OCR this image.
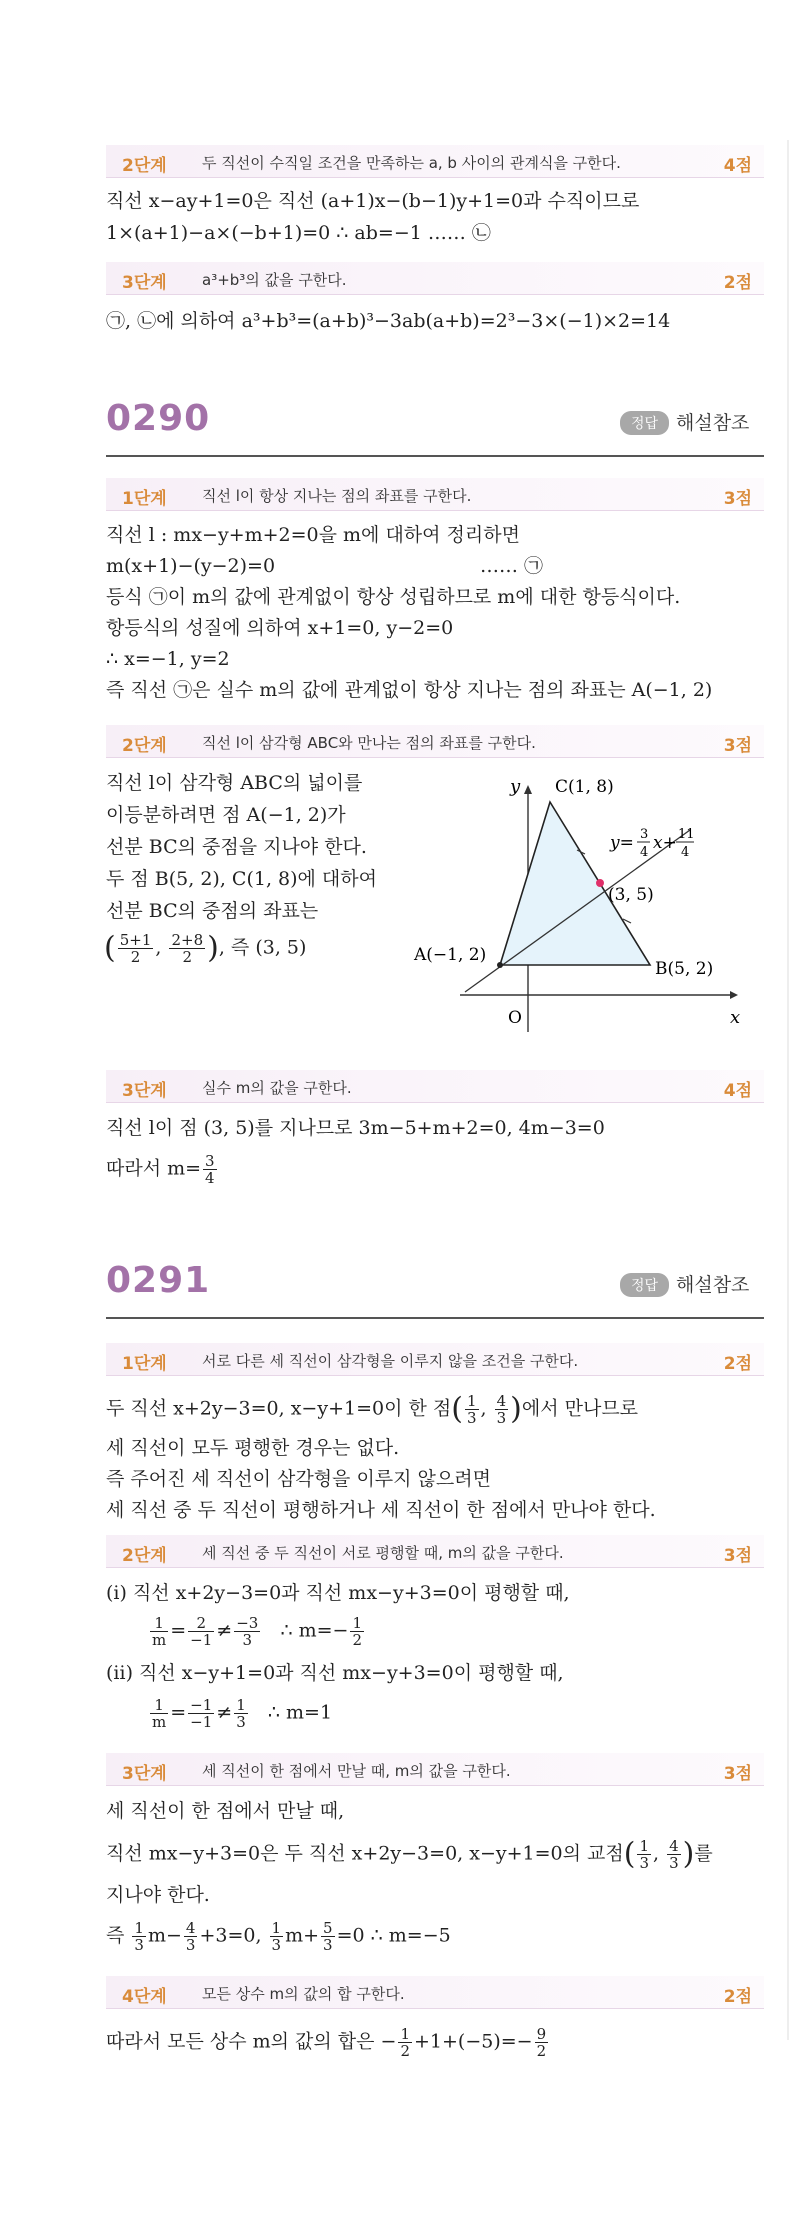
2단계 두 직선이 수직일 조건을 만족하는 a, b 사이의 관계식을 구한다.	4점
직선 x−ay+1=0은 직선 (a+1)x−(b−1)y+1=0과 수직이므로
1×(a+1)−a×(−b+1)=0 ∴ ab=−1 …… ㉡
3단계 a³+b³의 값을 구한다.	2점
㉠, ㉡에 의하여 a³+b³=(a+b)³−3ab(a+b)=2³−3×(−1)×2=14
0290	정답 해설참조
1단계 직선 l이 항상 지나는 점의 좌표를 구한다.	3점
직선 l : mx−y+m+2=0을 m에 대하여 정리하면
m(x+1)−(y−2)=0	…… ㉠
등식 ㉠이 m의 값에 관계없이 항상 성립하므로 m에 대한 항등식이다.
항등식의 성질에 의하여 x+1=0, y−2=0
∴ x=−1, y=2
즉 직선 ㉠은 실수 m의 값에 관계없이 항상 지나는 점의 좌표는 A(−1, 2)
2단계 직선 l이 삼각형 ABC와 만나는 점의 좌표를 구한다.	3점
직선 l이 삼각형 ABC의 넓이를
이등분하려면 점 A(−1, 2)가
선분 BC의 중점을 지나야 한다.
두 점 B(5, 2), C(1, 8)에 대하여
선분 BC의 중점의 좌표는
( $\frac{5+1}{2}$ , $\frac{2+8}{2}$ ), 즉 (3, 5)
y
x
O
C(1, 8)
A(−1, 2)
B(5, 2)
(3, 5)
y= 3
4 x+ 11
4
3단계 실수 m의 값을 구한다.	4점
직선 l이 점 (3, 5)를 지나므로 3m−5+m+2=0, 4m−3=0
따라서 $m= \frac{3}{4}$
0291	정답 해설참조
1단계 서로 다른 세 직선이 삼각형을 이루지 않을 조건을 구한다.	2점
두 직선 x+2y−3=0, x−y+1=0이 한 점( $\frac{1}{3}$ , $\frac{4}{3}$ )에서 만나므로
세 직선이 모두 평행한 경우는 없다.
즉 주어진 세 직선이 삼각형을 이루지 않으려면
세 직선 중 두 직선이 평행하거나 세 직선이 한 점에서 만나야 한다.
2단계 세 직선 중 두 직선이 서로 평행할 때, m의 값을 구한다.	3점
(ⅰ) 직선 x+2y−3=0과 직선 mx−y+3=0이 평행할 때,
$\frac{1}{m} = \frac{2}{-1} \ne \frac{-3}{3}$ ∴ $m=- \frac{1}{2}$
(ⅱ) 직선 x−y+1=0과 직선 mx−y+3=0이 평행할 때,
$\frac{1}{m} = \frac{-1}{-1} \ne \frac{1}{3}$ ∴ m=1
3단계 세 직선이 한 점에서 만날 때, m의 값을 구한다.	3점
세 직선이 한 점에서 만날 때,
직선 mx−y+3=0은 두 직선 x+2y−3=0, x−y+1=0의 교점( $\frac{1}{3}$ , $\frac{4}{3}$ )를
지나야 한다.
즉 $\frac{1}{3} m- \frac{4}{3} +3=0$, $\frac{1}{3} m+ \frac{5}{3} =0$ ∴ m=−5
4단계 모든 상수 m의 값의 합 구한다.	2점
따라서 모든 상수 m의 값의 합은 − $\frac{1}{2} +1+(-5)=- \frac{9}{2}$
